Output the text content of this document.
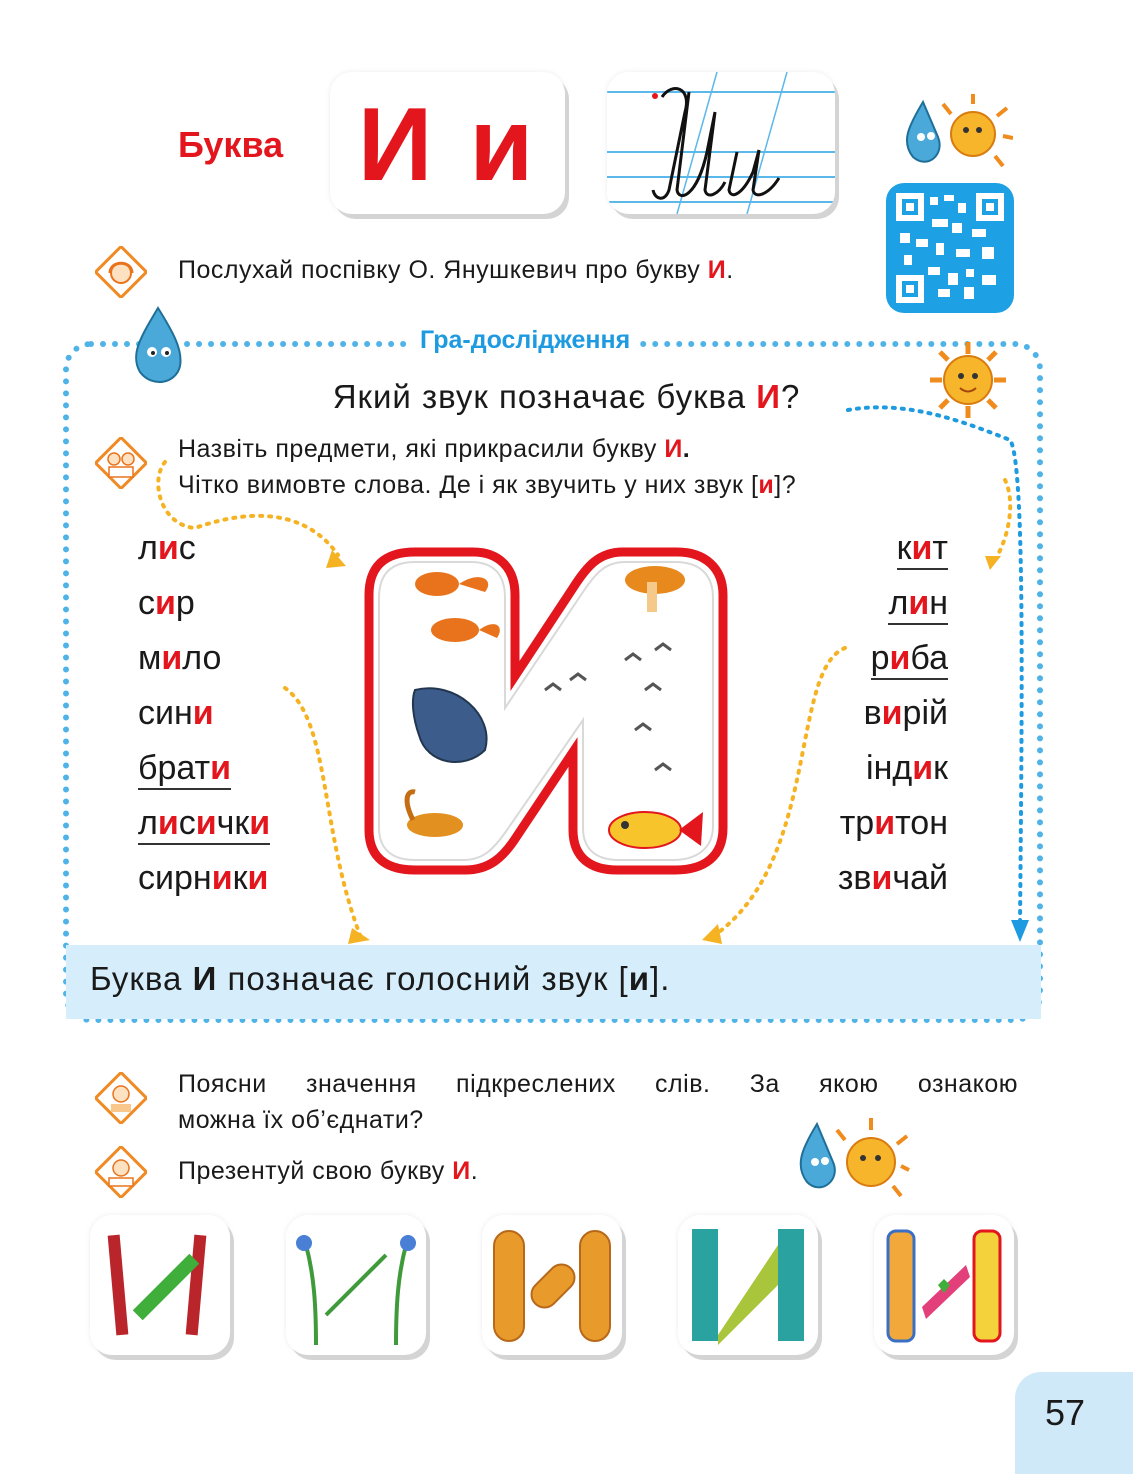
Буква И и
Послухай поспівку О. Янушкевич про букву И.
Гра-дослідження
Який звук позначає буква И?
Назвіть предмети, які прикрасили букву И.
Чітко вимовте слова. Де і як звучить у них звук [и]?
лис
сир
мило
сини
брати
лисички
сирники
кит
лин
риба
вирій
індик
тритон
звичай
Буква И позначає голосний звук [и].
Поясни значення підкреслених слів. За якою ознакою
можна їх об’єднати?
Презентуй свою букву И.
57
